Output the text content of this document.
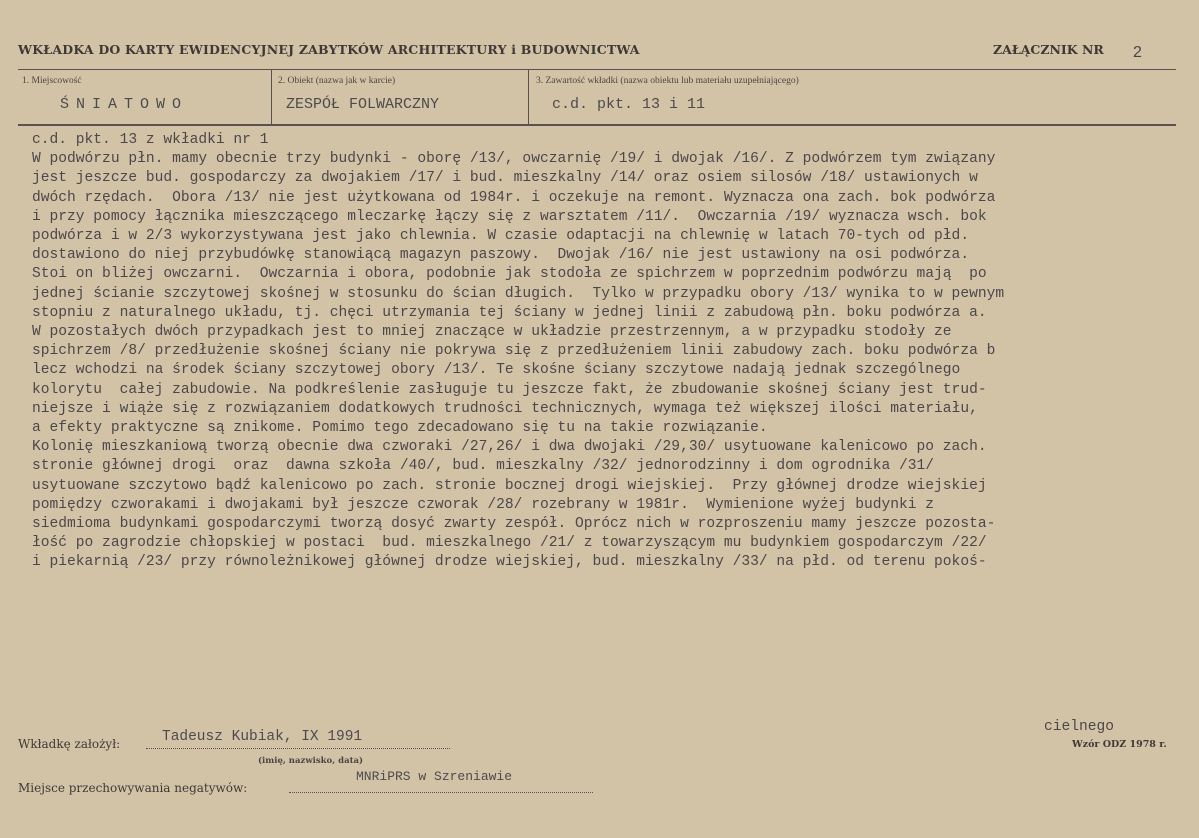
WKŁADKA DO KARTY EWIDENCYJNEJ ZABYTKÓW ARCHITEKTURY i BUDOWNICTWA	ZAŁĄCZNIK NR 2
1. Miejscowość
ŚNIATOWO
2. Obiekt (nazwa jak w karcie)
ZESPÓŁ FOLWARCZNY
3. Zawartość wkładki (nazwa obiektu lub materiału uzupełniającego)
c.d. pkt. 13 i 11
c.d. pkt. 13 z wkładki nr 1
W podwórzu płn. mamy obecnie trzy budynki - oborę /13/, owczarnię /19/ i dwojak /16/. Z podwórzem tym związany
jest jeszcze bud. gospodarczy za dwojakiem /17/ i bud. mieszkalny /14/ oraz osiem silosów /18/ ustawionych w
dwóch rzędach.  Obora /13/ nie jest użytkowana od 1984r. i oczekuje na remont. Wyznacza ona zach. bok podwórza
i przy pomocy łącznika mieszczącego mleczarkę łączy się z warsztatem /11/.  Owczarnia /19/ wyznacza wsch. bok
podwórza i w 2/3 wykorzystywana jest jako chlewnia. W czasie odaptacji na chlewnię w latach 70-tych od płd.
dostawiono do niej przybudówkę stanowiącą magazyn paszowy.  Dwojak /16/ nie jest ustawiony na osi podwórza.
Stoi on bliżej owczarni.  Owczarnia i obora, podobnie jak stodoła ze spichrzem w poprzednim podwórzu mają  po
jednej ścianie szczytowej skośnej w stosunku do ścian długich.  Tylko w przypadku obory /13/ wynika to w pewnym
stopniu z naturalnego układu, tj. chęci utrzymania tej ściany w jednej linii z zabudową płn. boku podwórza a.
W pozostałych dwóch przypadkach jest to mniej znaczące w układzie przestrzennym, a w przypadku stodoły ze
spichrzem /8/ przedłużenie skośnej ściany nie pokrywa się z przedłużeniem linii zabudowy zach. boku podwórza b
lecz wchodzi na środek ściany szczytowej obory /13/. Te skośne ściany szczytowe nadają jednak szczególnego
kolorytu  całej zabudowie. Na podkreślenie zasługuje tu jeszcze fakt, że zbudowanie skośnej ściany jest trud-
niejsze i wiąże się z rozwiązaniem dodatkowych trudności technicznych, wymaga też większej ilości materiału,
a efekty praktyczne są znikome. Pomimo tego zdecadowano się tu na takie rozwiązanie.
Kolonię mieszkaniową tworzą obecnie dwa czworaki /27,26/ i dwa dwojaki /29,30/ usytuowane kalenicowo po zach.
stronie głównej drogi  oraz  dawna szkoła /40/, bud. mieszkalny /32/ jednorodzinny i dom ogrodnika /31/
usytuowane szczytowo bądź kalenicowo po zach. stronie bocznej drogi wiejskiej.  Przy głównej drodze wiejskiej
pomiędzy czworakami i dwojakami był jeszcze czworak /28/ rozebrany w 1981r.  Wymienione wyżej budynki z
siedmioma budynkami gospodarczymi tworzą dosyć zwarty zespół. Oprócz nich w rozproszeniu mamy jeszcze pozosta-
łość po zagrodzie chłopskiej w postaci  bud. mieszkalnego /21/ z towarzyszącym mu budynkiem gospodarczym /22/
i piekarnią /23/ przy równoleżnikowej głównej drodze wiejskiej, bud. mieszkalny /33/ na płd. od terenu pokoś-
cielnego
Wzór ODZ 1978 r.
Wkładkę założył:	Tadeusz Kubiak, IX 1991
(imię, nazwisko, data)
Miejsce przechowywania negatywów:
MNRiPRS w Szreniawie
